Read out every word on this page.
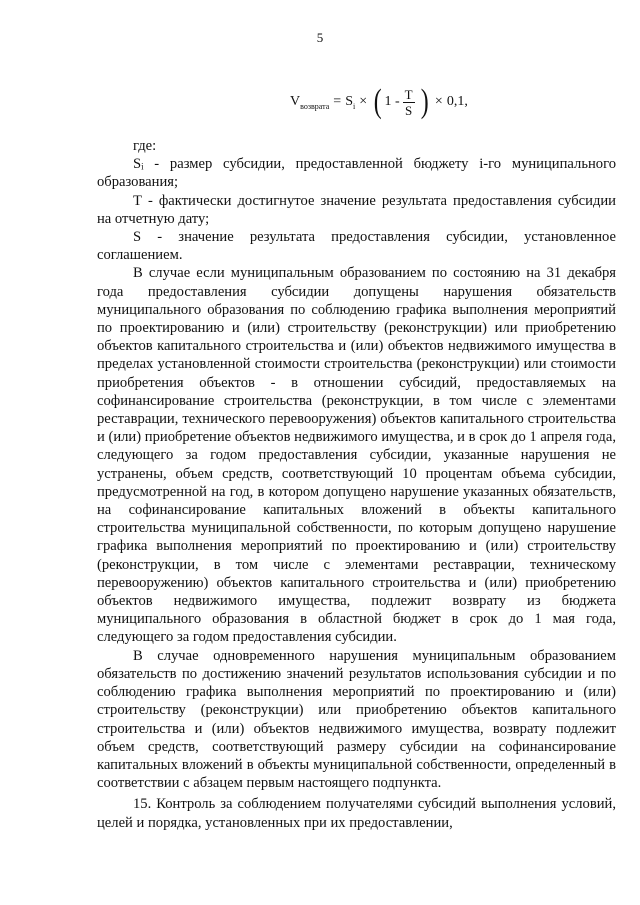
5
$V_{возврата} = S_i$ × ( $1 - \frac{T}{S}$ ) × 0,1,

где:

Sᵢ - размер субсидии, предоставленной бюджету i-го муниципального образования;

Т - фактически достигнутое значение результата предоставления субсидии на отчетную дату;

S - значение результата предоставления субсидии, установленное соглашением.

В случае если муниципальным образованием по состоянию на 31 декабря года предоставления субсидии допущены нарушения обязательств муниципального образования по соблюдению графика выполнения мероприятий по проектированию и (или) строительству (реконструкции) или приобретению объектов капитального строительства и (или) объектов недвижимого имущества в пределах установленной стоимости строительства (реконструкции) или стоимости приобретения объектов - в отношении субсидий, предоставляемых на софинансирование строительства (реконструкции, в том числе с элементами реставрации, технического перевооружения) объектов капитального строительства и (или) приобретение объектов недвижимого имущества, и в срок до 1 апреля года, следующего за годом предоставления субсидии, указанные нарушения не устранены, объем средств, соответствующий 10 процентам объема субсидии, предусмотренной на год, в котором допущено нарушение указанных обязательств, на софинансирование капитальных вложений в объекты капитального строительства муниципальной собственности, по которым допущено нарушение графика выполнения мероприятий по проектированию и (или) строительству (реконструкции, в том числе с элементами реставрации, техническому перевооружению) объектов капитального строительства и (или) приобретению объектов недвижимого имущества, подлежит возврату из бюджета муниципального образования в областной бюджет в срок до 1 мая года, следующего за годом предоставления субсидии.

В случае одновременного нарушения муниципальным образованием обязательств по достижению значений результатов использования субсидии и по соблюдению графика выполнения мероприятий по проектированию и (или) строительству (реконструкции) или приобретению объектов капитального строительства и (или) объектов недвижимого имущества, возврату подлежит объем средств, соответствующий размеру субсидии на софинансирование капитальных вложений в объекты муниципальной собственности, определенный в соответствии с абзацем первым настоящего подпункта.

15. Контроль за соблюдением получателями субсидий выполнения условий, целей и порядка, установленных при их предоставлении,
